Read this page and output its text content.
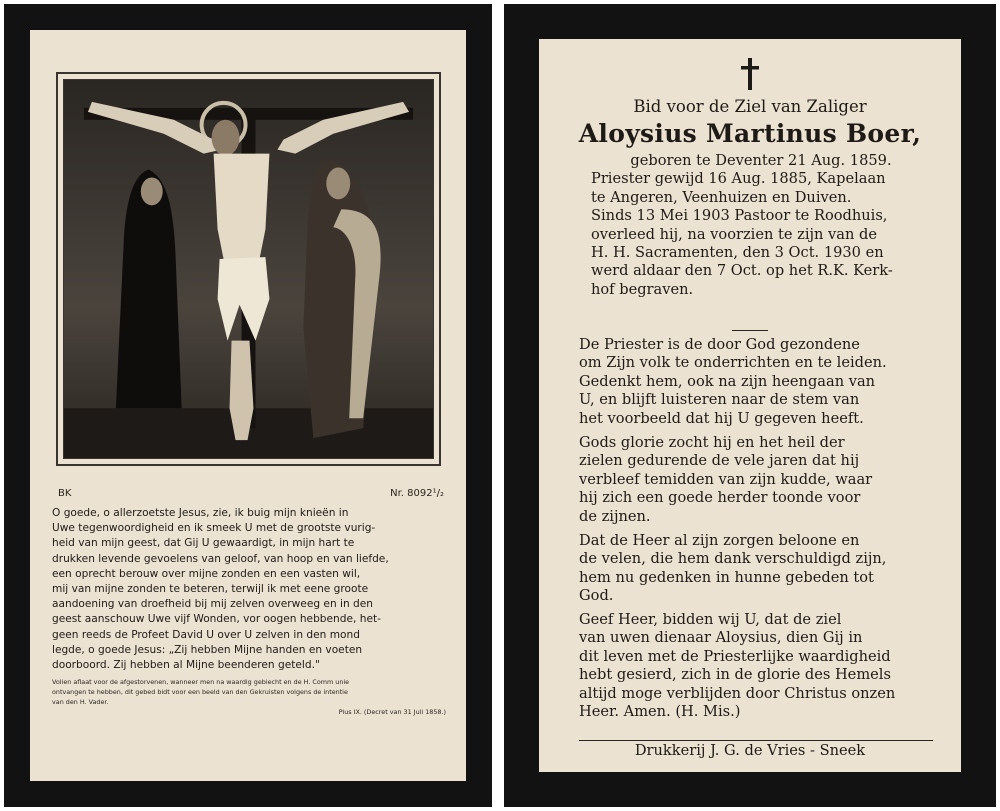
BK	Nr. 8092¹/₂
O goede, o allerzoetste Jesus, zie, ik buig mijn knieën in
Uwe tegenwoordigheid en ik smeek U met de grootste vurig-
heid van mijn geest, dat Gij U gewaardigt, in mijn hart te
drukken levende gevoelens van geloof, van hoop en van liefde,
een oprecht berouw over mijne zonden en een vasten wil,
mij van mijne zonden te beteren, terwijl ik met eene groote
aandoening van droefheid bij mij zelven overweeg en in den
geest aanschouw Uwe vijf Wonden, vor oogen hebbende, het-
geen reeds de Profeet David U over U zelven in den mond
legde, o goede Jesus: „Zij hebben Mijne handen en voeten
doorboord. Zij hebben al Mijne beenderen geteld."
Volien aflaat voor de afgestorvenen, wanneer men na waardig gebiecht en de H. Comm unie
ontvangen te hebben, dit gebed bidt voor een beeld van den Gekruisten volgens de intentie
van den H. Vader.
Pius IX. (Decret van 31 Juli 1858.)
Bid voor de Ziel van Zaliger
Aloysius Martinus Boer,
geboren te Deventer 21 Aug. 1859.
Priester gewijd 16 Aug. 1885, Kapelaan
te Angeren, Veenhuizen en Duiven.
Sinds 13 Mei 1903 Pastoor te Roodhuis,
overleed hij, na voorzien te zijn van de
H. H. Sacramenten, den 3 Oct. 1930 en
werd aldaar den 7 Oct. op het R.K. Kerk-
hof begraven.
De Priester is de door God gezondene
om Zijn volk te onderrichten en te leiden.
Gedenkt hem, ook na zijn heengaan van
U, en blijft luisteren naar de stem van
het voorbeeld dat hij U gegeven heeft.
Gods glorie zocht hij en het heil der
zielen gedurende de vele jaren dat hij
verbleef temidden van zijn kudde, waar
hij zich een goede herder toonde voor
de zijnen.
Dat de Heer al zijn zorgen beloone en
de velen, die hem dank verschuldigd zijn,
hem nu gedenken in hunne gebeden tot
God.
Geef Heer, bidden wij U, dat de ziel
van uwen dienaar Aloysius, dien Gij in
dit leven met de Priesterlijke waardigheid
hebt gesierd, zich in de glorie des Hemels
altijd moge verblijden door Christus onzen
Heer. Amen. (H. Mis.)
Drukkerij J. G. de Vries - Sneek
